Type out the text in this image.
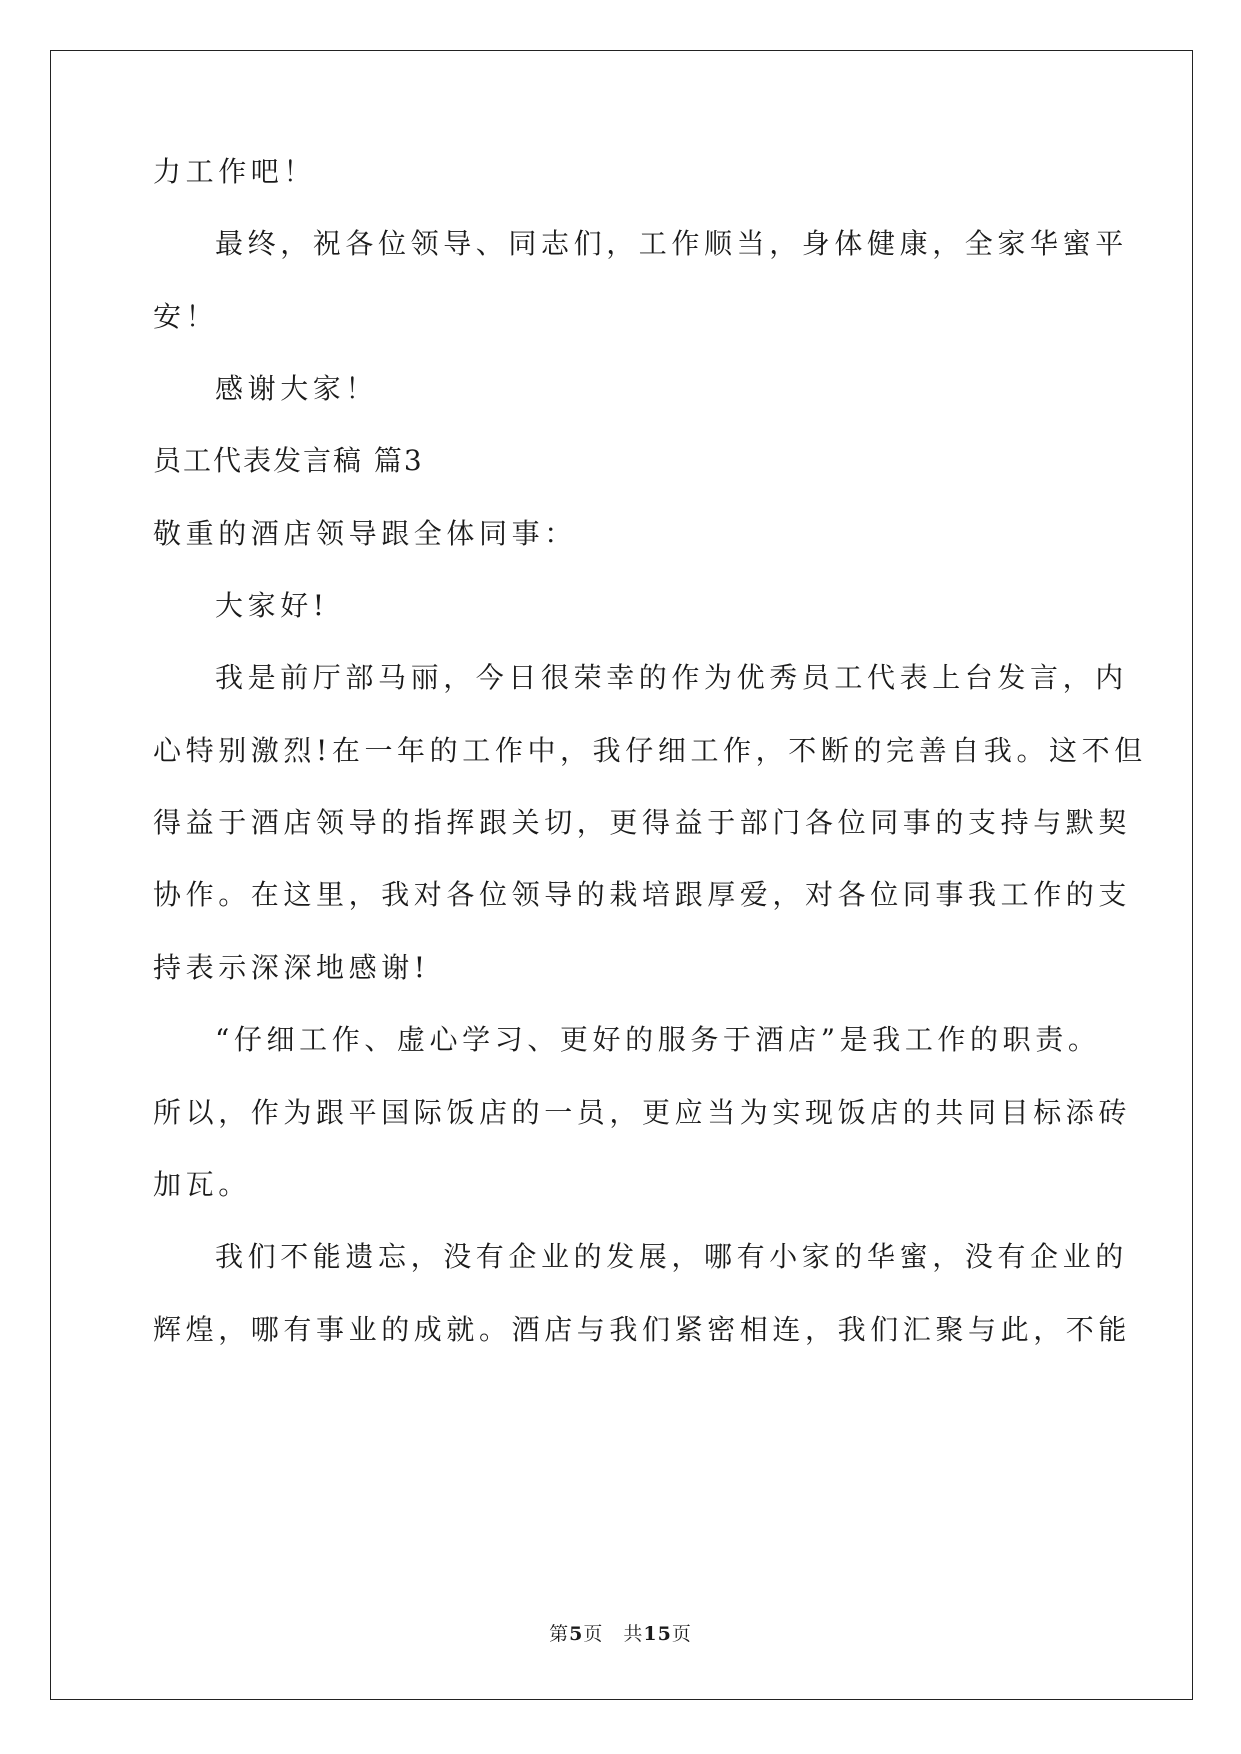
力工作吧！
最终，祝各位领导、同志们，工作顺当，身体健康，全家华蜜平
安！
感谢大家！
员工代表发言稿 篇3
敬重的酒店领导跟全体同事：
大家好!
我是前厅部马丽，今日很荣幸的作为优秀员工代表上台发言，内
心特别激烈!在一年的工作中，我仔细工作，不断的完善自我。这不但
得益于酒店领导的指挥跟关切，更得益于部门各位同事的支持与默契
协作。在这里，我对各位领导的栽培跟厚爱，对各位同事我工作的支
持表示深深地感谢!
“仔细工作、虚心学习、更好的服务于酒店”是我工作的职责。
所以，作为跟平国际饭店的一员，更应当为实现饭店的共同目标添砖
加瓦。
我们不能遗忘，没有企业的发展，哪有小家的华蜜，没有企业的
辉煌，哪有事业的成就。酒店与我们紧密相连，我们汇聚与此，不能
第5页 共15页
